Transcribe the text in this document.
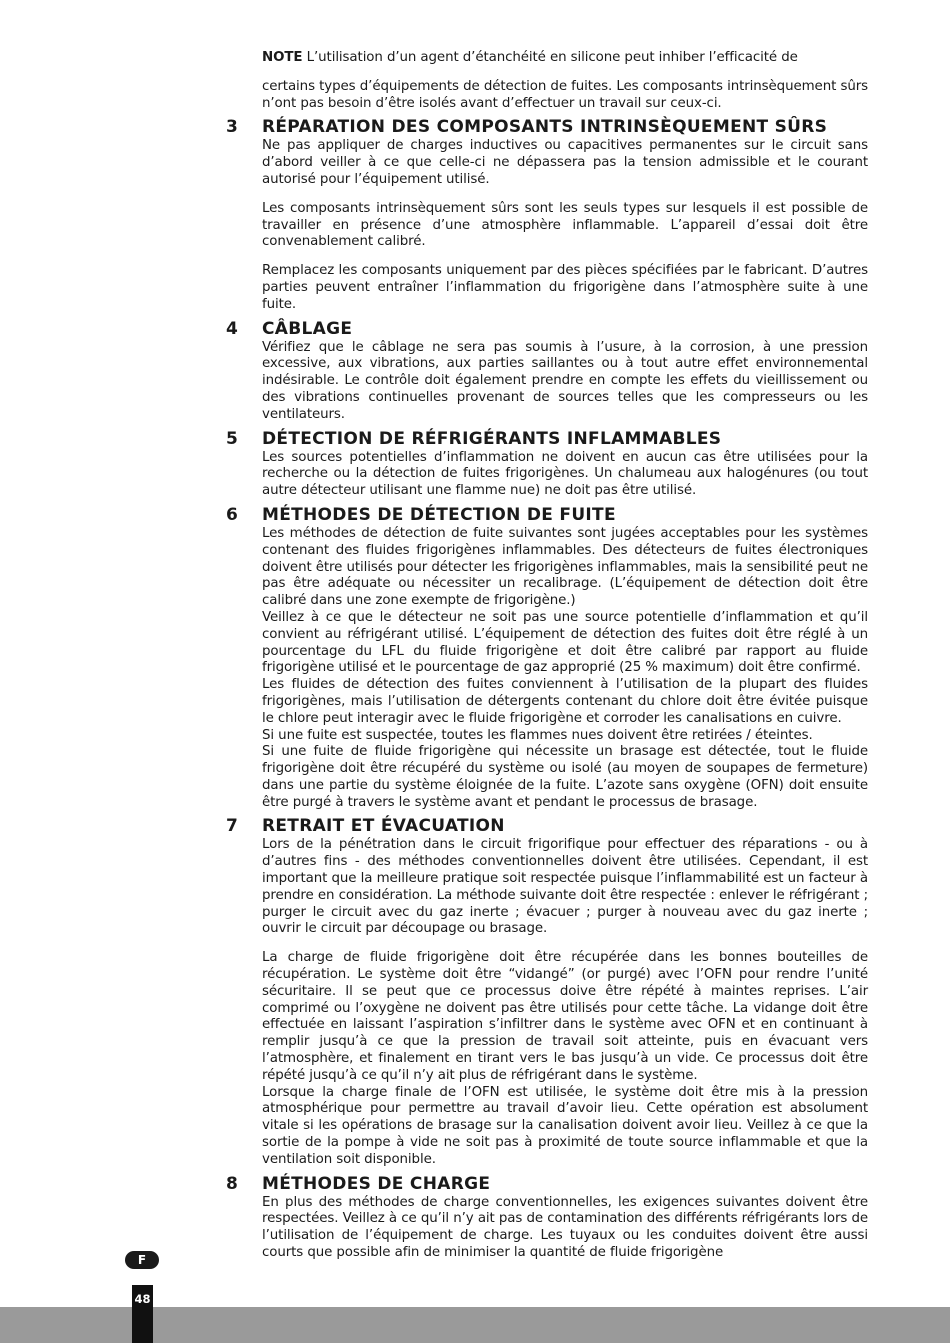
NOTE L’utilisation d’un agent d’étanchéité en silicone peut inhiber l’efficacité de

certains types d’équipements de détection de fuites. Les composants intrinsèquement sûrs n’ont pas besoin d’être isolés avant d’effectuer un travail sur ceux-ci.

3 RÉPARATION DES COMPOSANTS INTRINSÈQUEMENT SÛRS

Ne pas appliquer de charges inductives ou capacitives permanentes sur le circuit sans d’abord veiller à ce que celle-ci ne dépassera pas la tension admissible et le courant autorisé pour l’équipement utilisé.

Les composants intrinsèquement sûrs sont les seuls types sur lesquels il est possible de travailler en présence d’une atmosphère inflammable. L’appareil d’essai doit être convenablement calibré.

Remplacez les composants uniquement par des pièces spécifiées par le fabricant. D’autres parties peuvent entraîner l’inflammation du frigorigène dans l’atmosphère suite à une fuite.

4 CÂBLAGE

Vérifiez que le câblage ne sera pas soumis à l’usure, à la corrosion, à une pression excessive, aux vibrations, aux parties saillantes ou à tout autre effet environnemental indésirable. Le contrôle doit également prendre en compte les effets du vieillissement ou des vibrations continuelles provenant de sources telles que les compresseurs ou les ventilateurs.

5 DÉTECTION DE RÉFRIGÉRANTS INFLAMMABLES

Les sources potentielles d’inflammation ne doivent en aucun cas être utilisées pour la recherche ou la détection de fuites frigorigènes. Un chalumeau aux halogénures (ou tout autre détecteur utilisant une flamme nue) ne doit pas être utilisé.

6 MÉTHODES DE DÉTECTION DE FUITE

Les méthodes de détection de fuite suivantes sont jugées acceptables pour les systèmes contenant des fluides frigorigènes inflammables. Des détecteurs de fuites électroniques doivent être utilisés pour détecter les frigorigènes inflammables, mais la sensibilité peut ne pas être adéquate ou nécessiter un recalibrage. (L’équipement de détection doit être calibré dans une zone exempte de frigorigène.)

Veillez à ce que le détecteur ne soit pas une source potentielle d’inflammation et qu’il convient au réfrigérant utilisé. L’équipement de détection des fuites doit être réglé à un pourcentage du LFL du fluide frigorigène et doit être calibré par rapport au fluide frigorigène utilisé et le pourcentage de gaz approprié (25 % maximum) doit être confirmé.

Les fluides de détection des fuites conviennent à l’utilisation de la plupart des fluides frigorigènes, mais l’utilisation de détergents contenant du chlore doit être évitée puisque le chlore peut interagir avec le fluide frigorigène et corroder les canalisations en cuivre.

Si une fuite est suspectée, toutes les flammes nues doivent être retirées / éteintes.

Si une fuite de fluide frigorigène qui nécessite un brasage est détectée, tout le fluide frigorigène doit être récupéré du système ou isolé (au moyen de soupapes de fermeture) dans une partie du système éloignée de la fuite. L’azote sans oxygène (OFN) doit ensuite être purgé à travers le système avant et pendant le processus de brasage.

7 RETRAIT ET ÉVACUATION

Lors de la pénétration dans le circuit frigorifique pour effectuer des réparations - ou à d’autres fins - des méthodes conventionnelles doivent être utilisées. Cependant, il est important que la meilleure pratique soit respectée puisque l’inflammabilité est un facteur à prendre en considération. La méthode suivante doit être respectée : enlever le réfrigérant ; purger le circuit avec du gaz inerte ; évacuer ; purger à nouveau avec du gaz inerte ; ouvrir le circuit par découpage ou brasage.

La charge de fluide frigorigène doit être récupérée dans les bonnes bouteilles de récupération. Le système doit être “vidangé” (or purgé) avec l’OFN pour rendre l’unité sécuritaire. Il se peut que ce processus doive être répété à maintes reprises. L’air comprimé ou l’oxygène ne doivent pas être utilisés pour cette tâche. La vidange doit être effectuée en laissant l’aspiration s’infiltrer dans le système avec OFN et en continuant à remplir jusqu’à ce que la pression de travail soit atteinte, puis en évacuant vers l’atmosphère, et finalement en tirant vers le bas jusqu’à un vide. Ce processus doit être répété jusqu’à ce qu’il n’y ait plus de réfrigérant dans le système.

Lorsque la charge finale de l’OFN est utilisée, le système doit être mis à la pression atmosphérique pour permettre au travail d’avoir lieu. Cette opération est absolument vitale si les opérations de brasage sur la canalisation doivent avoir lieu. Veillez à ce que la sortie de la pompe à vide ne soit pas à proximité de toute source inflammable et que la ventilation soit disponible.

8 MÉTHODES DE CHARGE

En plus des méthodes de charge conventionnelles, les exigences suivantes doivent être respectées. Veillez à ce qu’il n’y ait pas de contamination des différents réfrigérants lors de l’utilisation de l’équipement de charge. Les tuyaux ou les conduites doivent être aussi courts que possible afin de minimiser la quantité de fluide frigorigène

F
48
